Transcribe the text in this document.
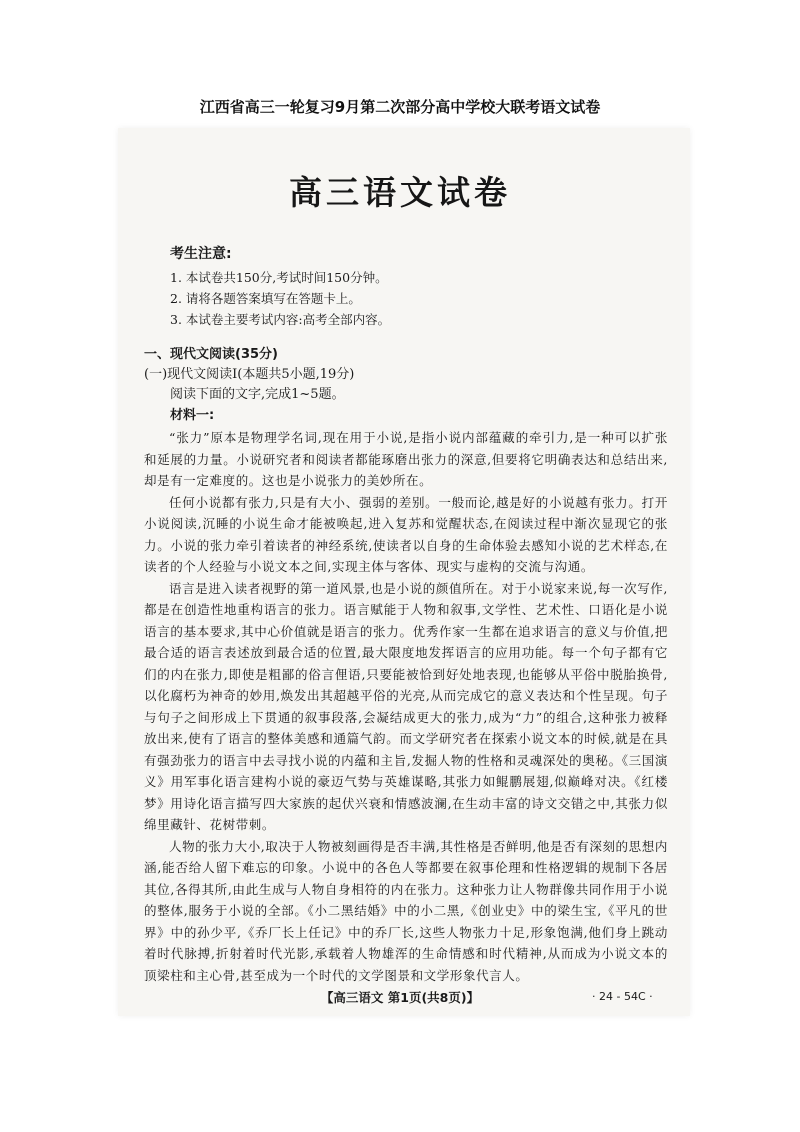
江西省高三一轮复习9月第二次部分高中学校大联考语文试卷
高三语文试卷
考生注意:
1. 本试卷共150分,考试时间150分钟。
2. 请将各题答案填写在答题卡上。
3. 本试卷主要考试内容:高考全部内容。
一、现代文阅读(35分)
(一)现代文阅读Ⅰ(本题共5小题,19分)
阅读下面的文字,完成1~5题。
材料一:

“张力”原本是物理学名词,现在用于小说,是指小说内部蕴藏的牵引力,是一种可以扩张和延展的力量。小说研究者和阅读者都能琢磨出张力的深意,但要将它明确表达和总结出来,却是有一定难度的。这也是小说张力的美妙所在。

任何小说都有张力,只是有大小、强弱的差别。一般而论,越是好的小说越有张力。打开小说阅读,沉睡的小说生命才能被唤起,进入复苏和觉醒状态,在阅读过程中渐次显现它的张力。小说的张力牵引着读者的神经系统,使读者以自身的生命体验去感知小说的艺术样态,在读者的个人经验与小说文本之间,实现主体与客体、现实与虚构的交流与沟通。

语言是进入读者视野的第一道风景,也是小说的颜值所在。对于小说家来说,每一次写作,都是在创造性地重构语言的张力。语言赋能于人物和叙事,文学性、艺术性、口语化是小说语言的基本要求,其中心价值就是语言的张力。优秀作家一生都在追求语言的意义与价值,把最合适的语言表述放到最合适的位置,最大限度地发挥语言的应用功能。每一个句子都有它们的内在张力,即使是粗鄙的俗言俚语,只要能被恰到好处地表现,也能够从平俗中脱胎换骨,以化腐朽为神奇的妙用,焕发出其超越平俗的光亮,从而完成它的意义表达和个性呈现。句子与句子之间形成上下贯通的叙事段落,会凝结成更大的张力,成为“力”的组合,这种张力被释放出来,使有了语言的整体美感和通篇气韵。而文学研究者在探索小说文本的时候,就是在具有强劲张力的语言中去寻找小说的内蕴和主旨,发掘人物的性格和灵魂深处的奥秘。《三国演义》用军事化语言建构小说的豪迈气势与英雄谋略,其张力如鲲鹏展翅,似巅峰对决。《红楼梦》用诗化语言描写四大家族的起伏兴衰和情感波澜,在生动丰富的诗文交错之中,其张力似绵里藏针、花树带刺。

人物的张力大小,取决于人物被刻画得是否丰满,其性格是否鲜明,他是否有深刻的思想内涵,能否给人留下难忘的印象。小说中的各色人等都要在叙事伦理和性格逻辑的规制下各居其位,各得其所,由此生成与人物自身相符的内在张力。这种张力让人物群像共同作用于小说的整体,服务于小说的全部。《小二黑结婚》中的小二黑,《创业史》中的梁生宝,《平凡的世界》中的孙少平,《乔厂长上任记》中的乔厂长,这些人物张力十足,形象饱满,他们身上跳动着时代脉搏,折射着时代光影,承载着人物雄浑的生命情感和时代精神,从而成为小说文本的顶梁柱和主心骨,甚至成为一个时代的文学图景和文学形象代言人。

【高三语文 第1页(共8页)】	· 24 - 54C ·
